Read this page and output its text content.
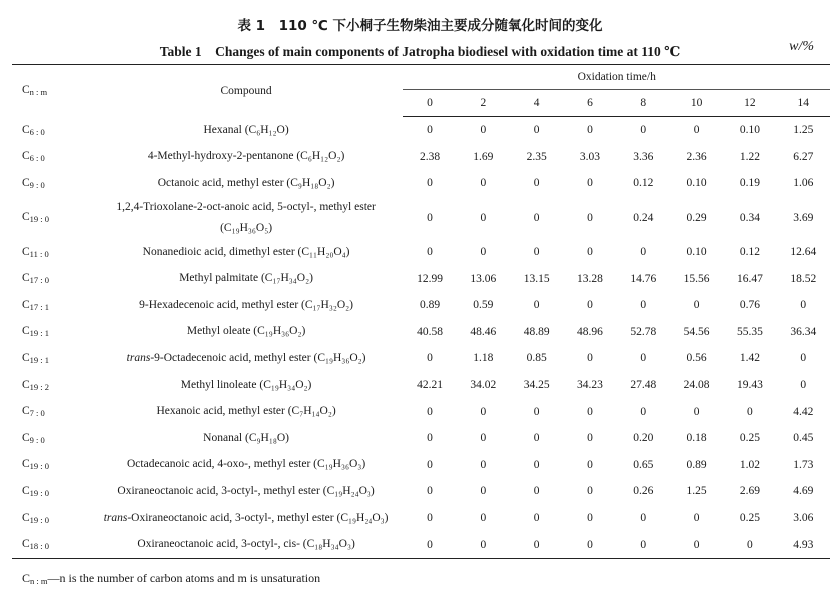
表 1　110 ℃ 下小桐子生物柴油主要成分随氧化时间的变化
Table 1　Changes of main components of Jatropha biodiesel with oxidation time at 110 ℃	w/%
$C_{n : m}$	Compound	Oxidation time/h							
		0	2	4	6	8	10	12	14
$C_{6 : 0}$	Hexanal (C₆H₁₂O)	0	0	0	0	0	0	0.10	1.25
$C_{6 : 0}$	4-Methyl-hydroxy-2-pentanone (C₆H₁₂O₂)	2.38	1.69	2.35	3.03	3.36	2.36	1.22	6.27
$C_{9 : 0}$	Octanoic acid, methyl ester (C₉H₁₈O₂)	0	0	0	0	0.12	0.10	0.19	1.06
$C_{19 : 0}$	1,2,4-Trioxolane-2-oct-anoic acid, 5-octyl-, methyl ester
(C₁₉H₃₆O₅)	0	0	0	0	0.24	0.29	0.34	3.69
$C_{11 : 0}$	Nonanedioic acid, dimethyl ester (C₁₁H₂₀O₄)	0	0	0	0	0	0.10	0.12	12.64
$C_{17 : 0}$	Methyl palmitate (C₁₇H₃₄O₂)	12.99	13.06	13.15	13.28	14.76	15.56	16.47	18.52
$C_{17 : 1}$	9-Hexadecenoic acid, methyl ester (C₁₇H₃₂O₂)	0.89	0.59	0	0	0	0	0.76	0
$C_{19 : 1}$	Methyl oleate (C₁₉H₃₆O₂)	40.58	48.46	48.89	48.96	52.78	54.56	55.35	36.34
$C_{19 : 1}$	trans-9-Octadecenoic acid, methyl ester (C₁₉H₃₆O₂)	0	1.18	0.85	0	0	0.56	1.42	0
$C_{19 : 2}$	Methyl linoleate (C₁₉H₃₄O₂)	42.21	34.02	34.25	34.23	27.48	24.08	19.43	0
$C_{7 : 0}$	Hexanoic acid, methyl ester (C₇H₁₄O₂)	0	0	0	0	0	0	0	4.42
$C_{9 : 0}$	Nonanal (C₉H₁₈O)	0	0	0	0	0.20	0.18	0.25	0.45
$C_{19 : 0}$	Octadecanoic acid, 4-oxo-, methyl ester (C₁₉H₃₆O₃)	0	0	0	0	0.65	0.89	1.02	1.73
$C_{19 : 0}$	Oxiraneoctanoic acid, 3-octyl-, methyl ester (C₁₉H₂₄O₃)	0	0	0	0	0.26	1.25	2.69	4.69
$C_{19 : 0}$	trans-Oxiraneoctanoic acid, 3-octyl-, methyl ester (C₁₉H₂₄O₃)	0	0	0	0	0	0	0.25	3.06
$C_{18 : 0}$	Oxiraneoctanoic acid, 3-octyl-, cis- (C₁₈H₃₄O₃)	0	0	0	0	0	0	0	4.93
$C_{n : m}—n$ is the number of carbon atoms and m is unsaturation
